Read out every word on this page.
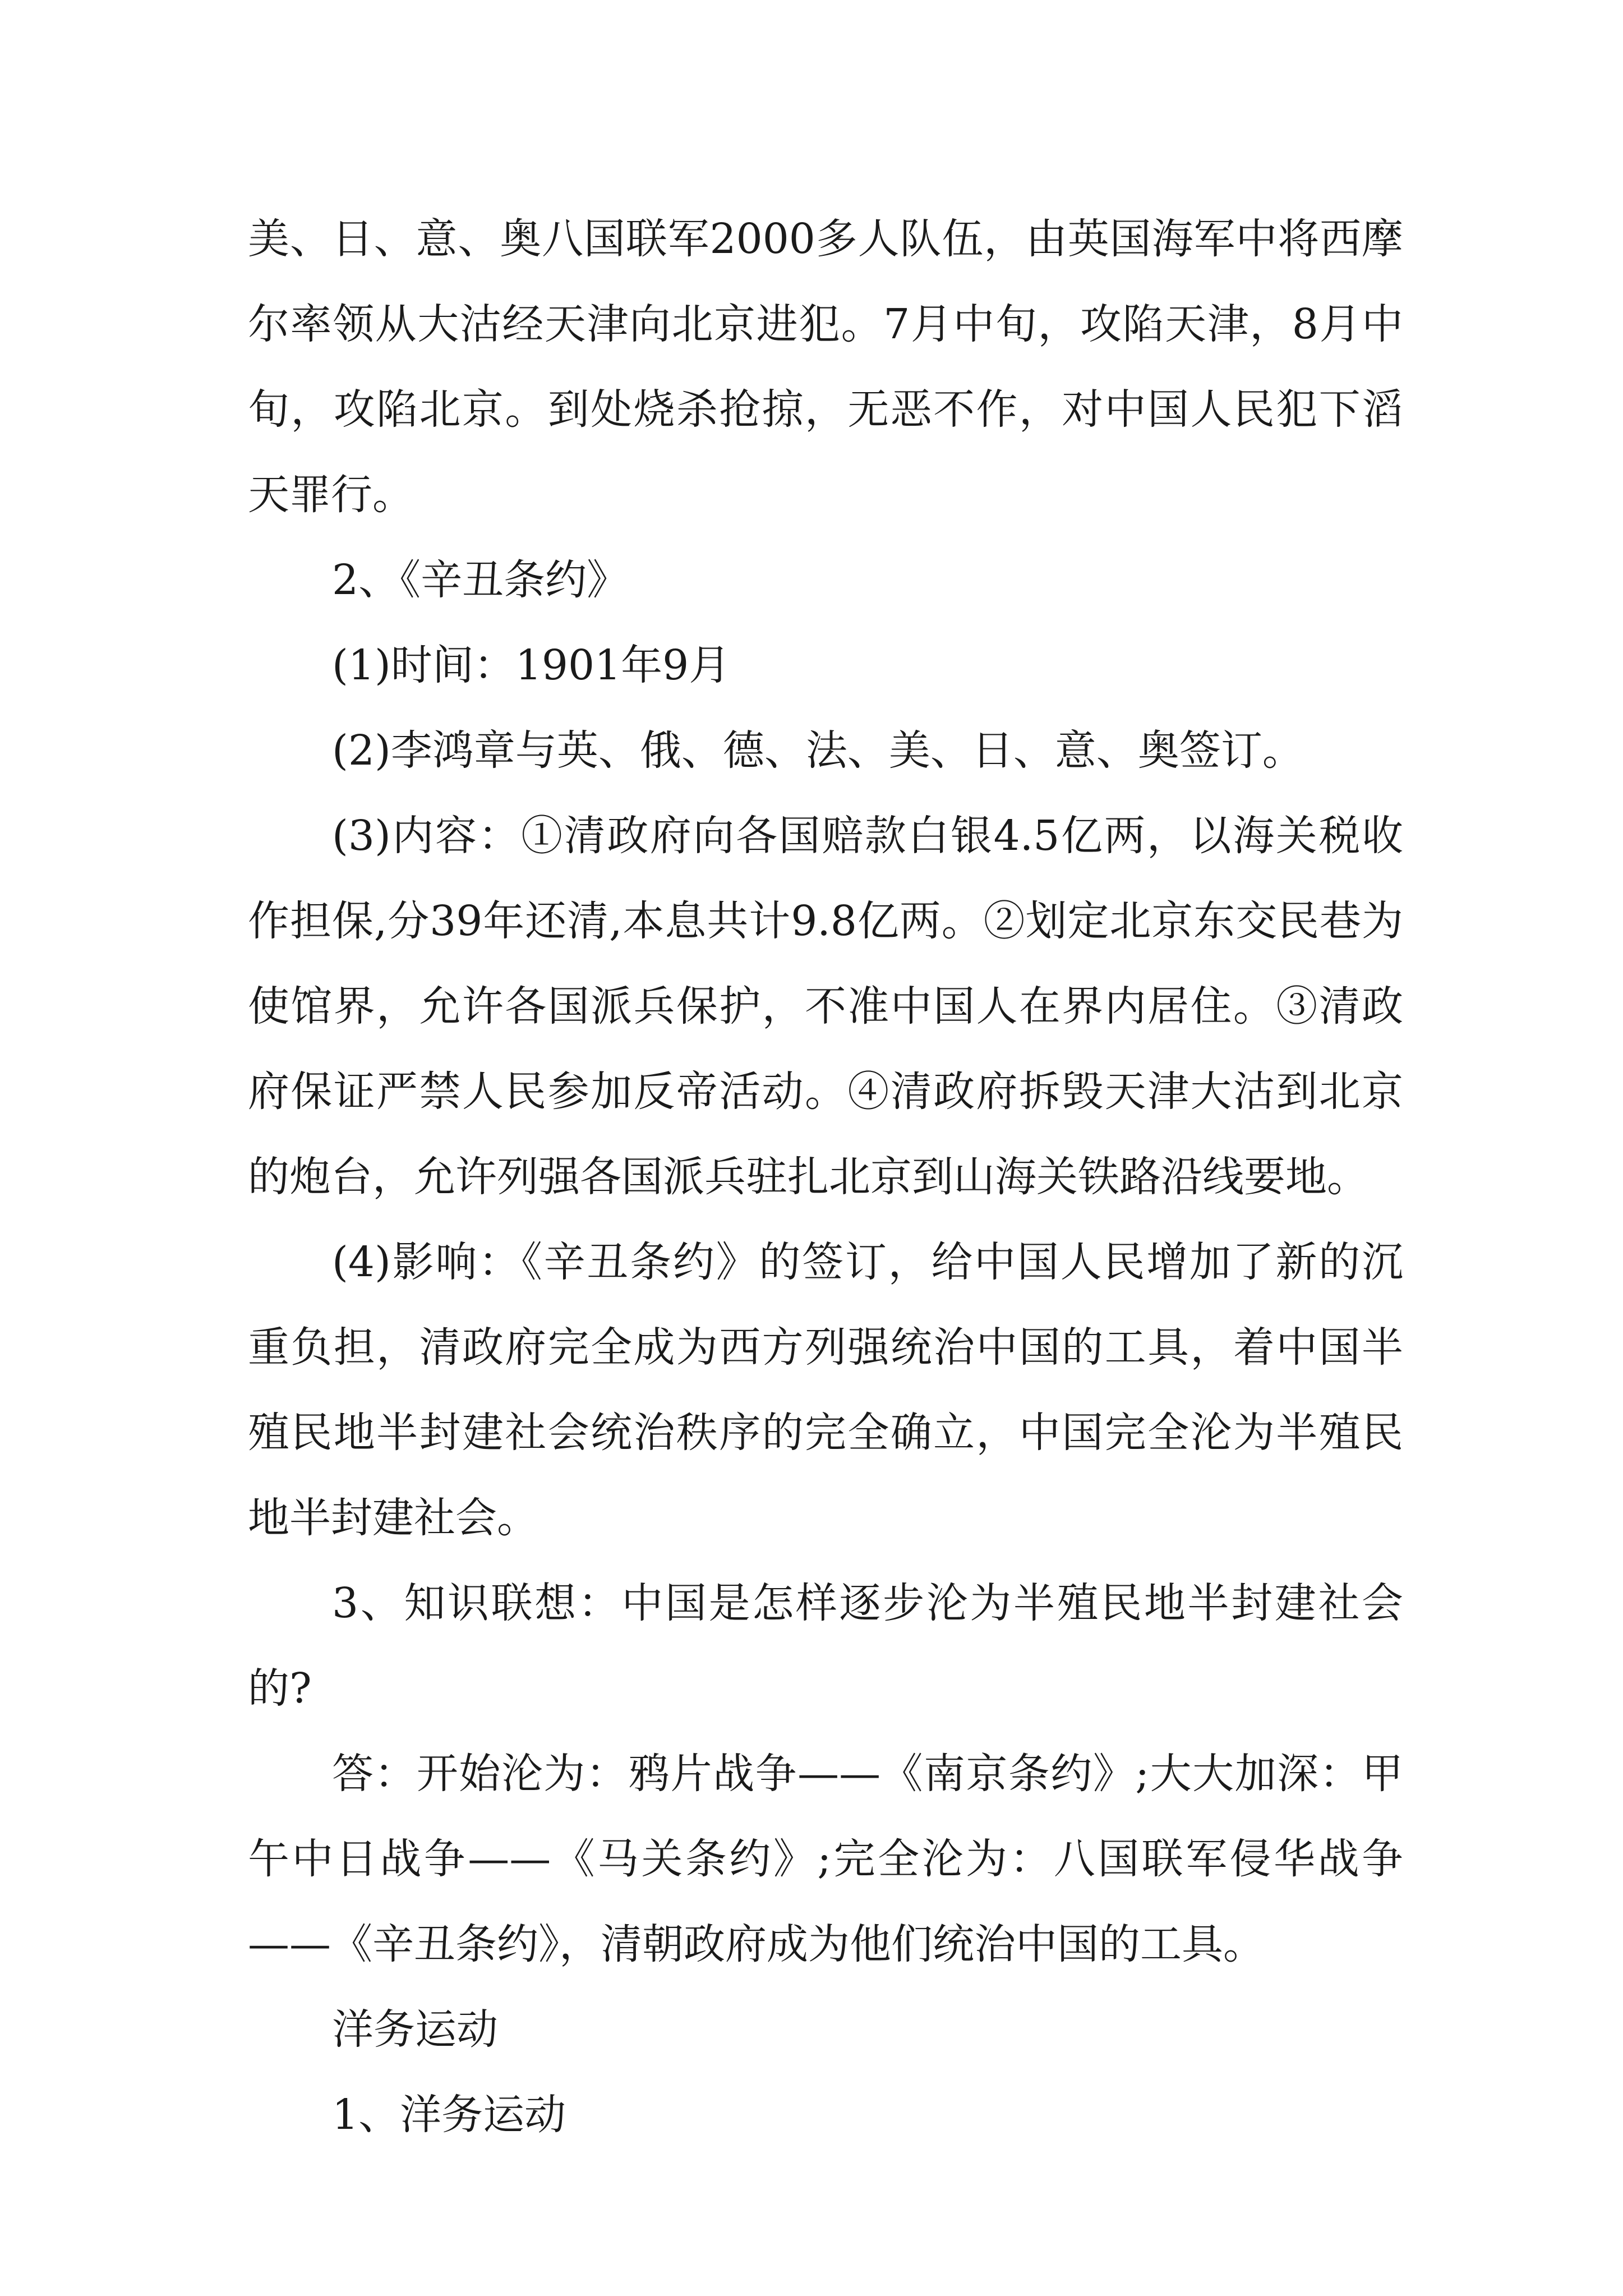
美、日、意、奥八国联军2000多人队伍，由英国海军中将西摩尔率领从大沽经天津向北京进犯。7月中旬，攻陷天津，8月中旬，攻陷北京。到处烧杀抢掠，无恶不作，对中国人民犯下滔天罪行。

2、《辛丑条约》

(1)时间：1901年9月

(2)李鸿章与英、俄、德、法、美、日、意、奥签订。

(3)内容：①清政府向各国赔款白银4.5亿两，以海关税收作担保,分39年还清,本息共计9.8亿两。②划定北京东交民巷为使馆界，允许各国派兵保护，不准中国人在界内居住。③清政府保证严禁人民参加反帝活动。④清政府拆毁天津大沽到北京的炮台，允许列强各国派兵驻扎北京到山海关铁路沿线要地。

(4)影响：《辛丑条约》的签订，给中国人民增加了新的沉重负担，清政府完全成为西方列强统治中国的工具，着中国半殖民地半封建社会统治秩序的完全确立，中国完全沦为半殖民地半封建社会。

3、知识联想：中国是怎样逐步沦为半殖民地半封建社会的?

答：开始沦为：鸦片战争——《南京条约》;大大加深：甲午中日战争——《马关条约》;完全沦为：八国联军侵华战争——《辛丑条约》，清朝政府成为他们统治中国的工具。

洋务运动

1、洋务运动
